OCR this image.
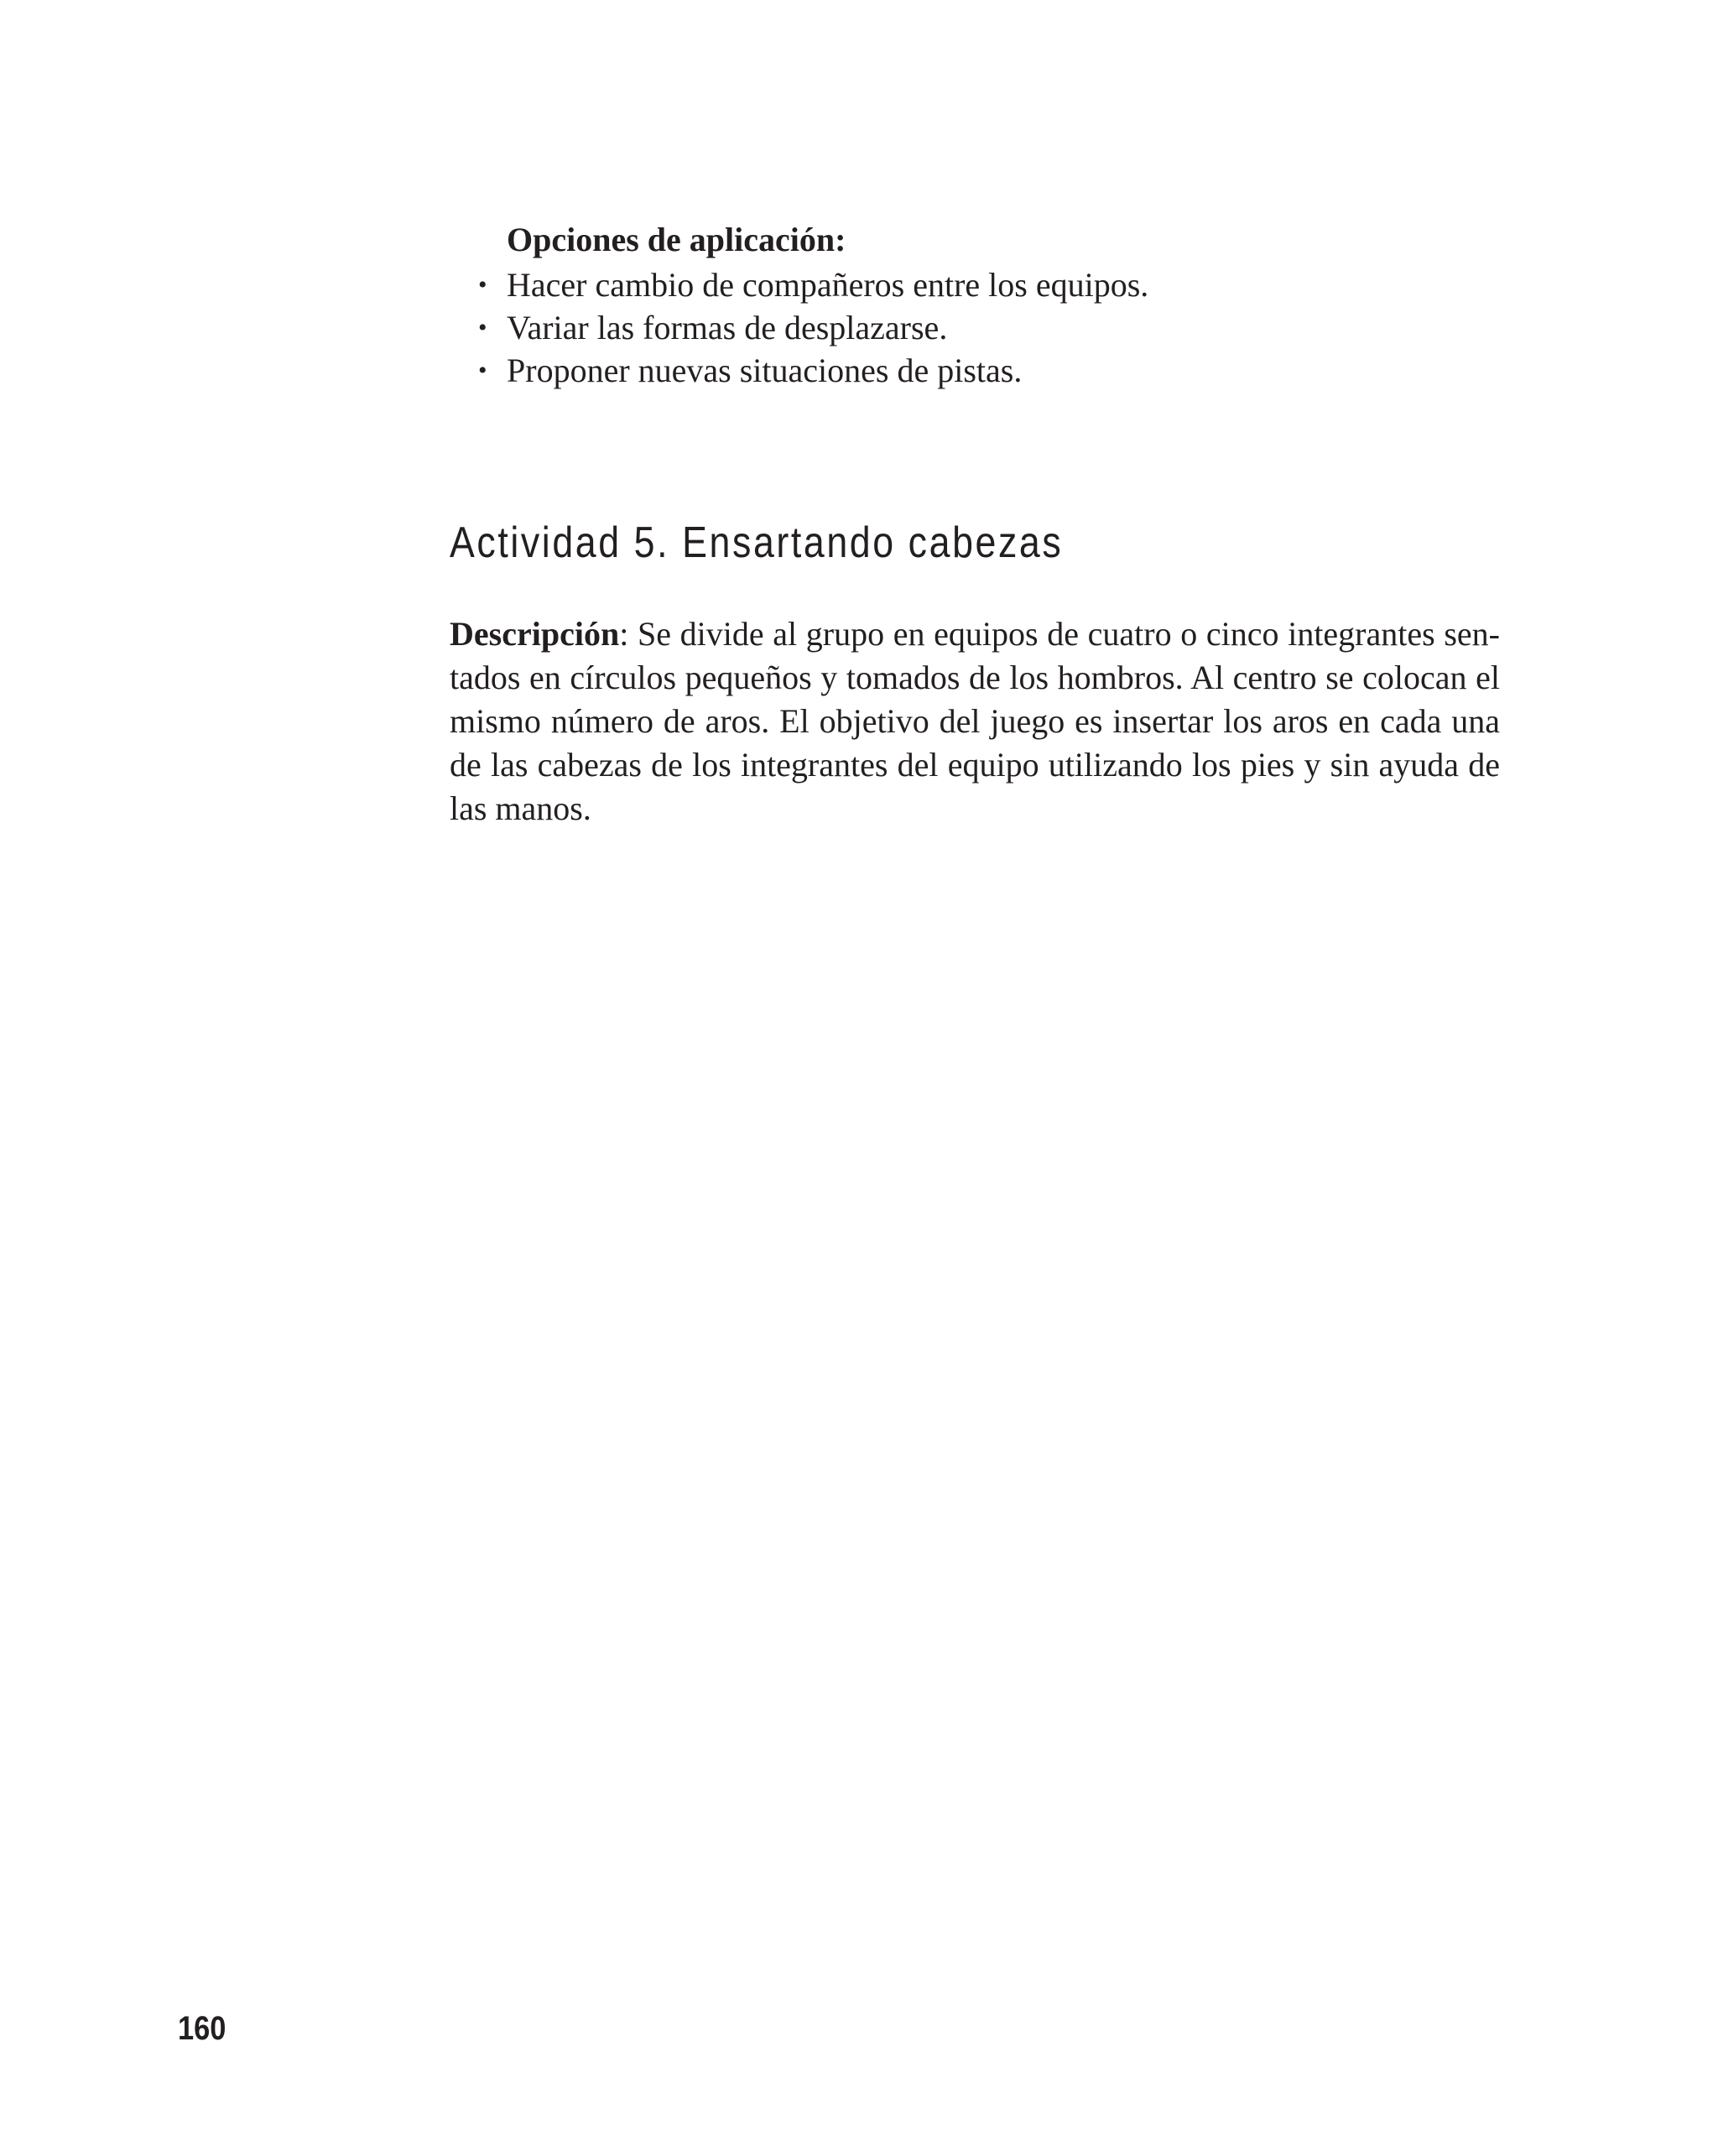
Opciones de aplicación:

• Hacer cambio de compañeros entre los equipos.
• Variar las formas de desplazarse.
• Proponer nuevas situaciones de pistas.
Actividad 5. Ensartando cabezas

Descripción: Se divide al grupo en equipos de cuatro o cinco integrantes sentados en círculos pequeños y tomados de los hombros. Al centro se colocan el mismo número de aros. El objetivo del juego es insertar los aros en cada una de las cabezas de los integrantes del equipo utilizando los pies y sin ayuda de las manos.

160
